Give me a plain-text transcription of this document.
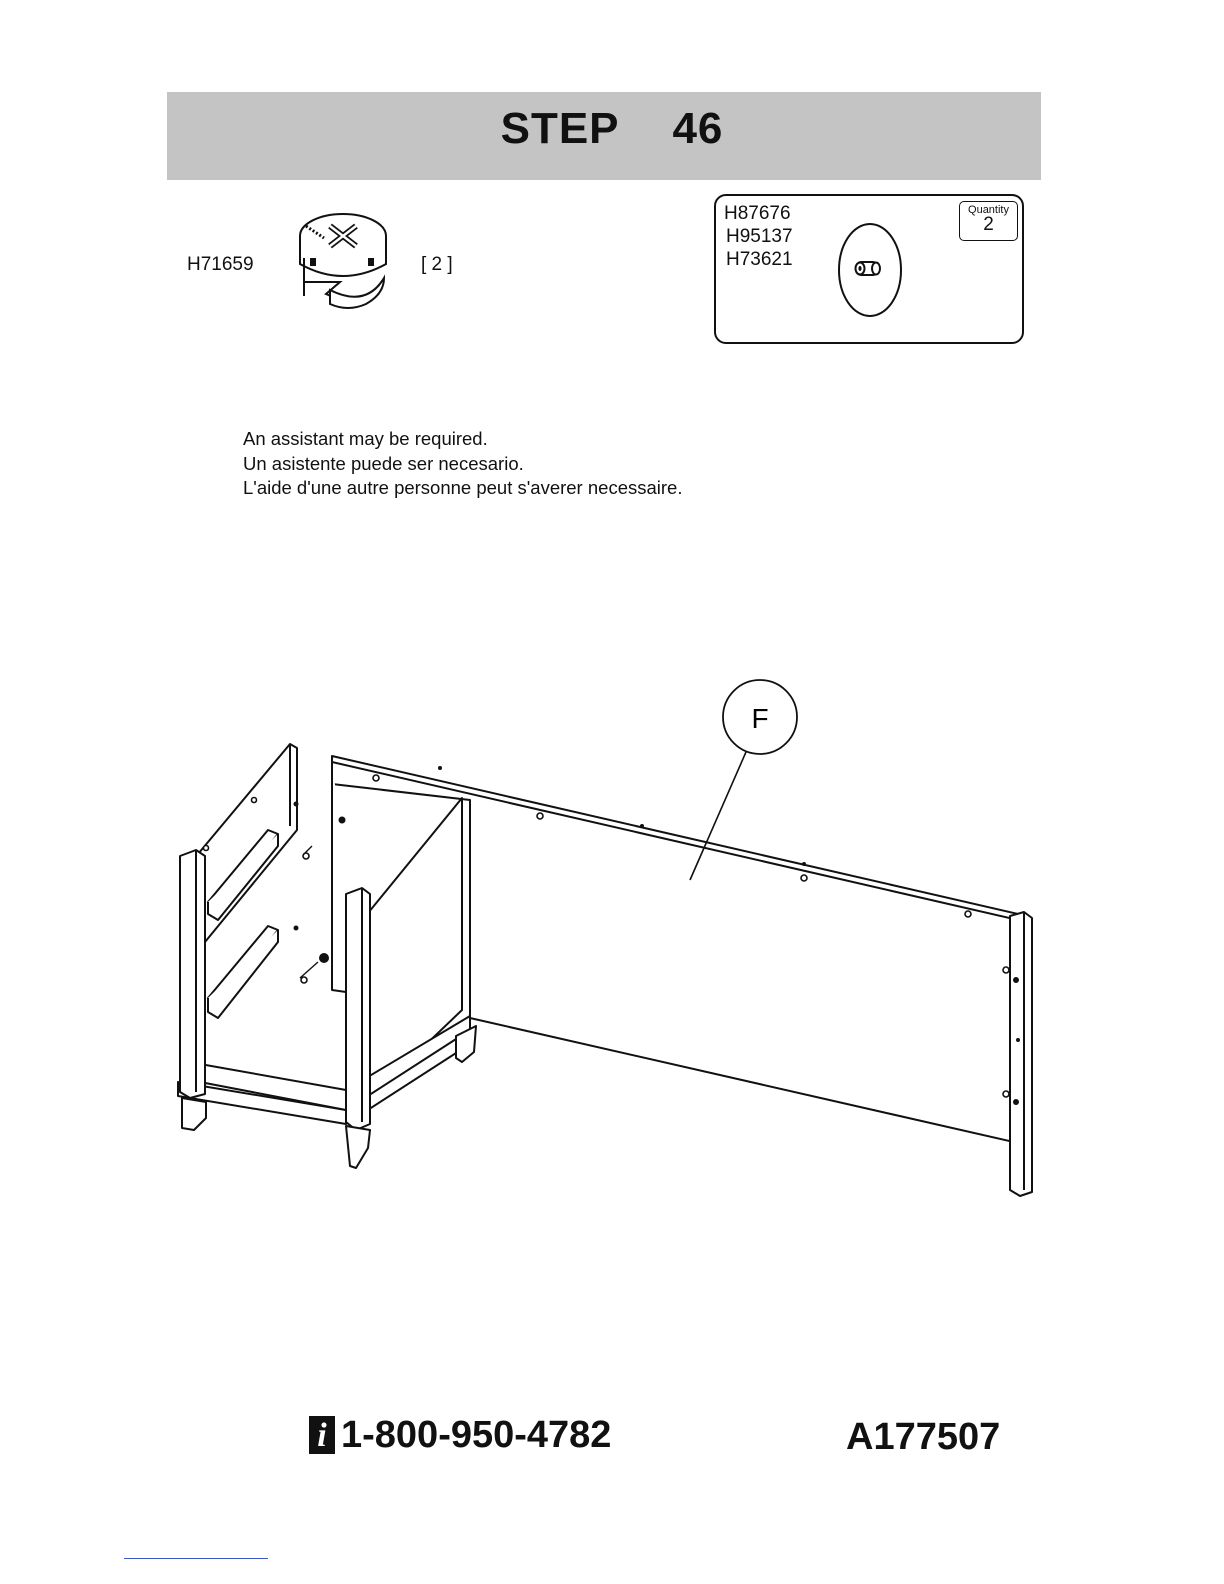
STEP 46
H71659	[ 2 ]
H87676
H95137
H73621
Quantity
2
An assistant may be required.
Un asistente puede ser necesario.
L'aide d'une autre personne peut s'averer necessaire.
F
i 1-800-950-4782	A177507
